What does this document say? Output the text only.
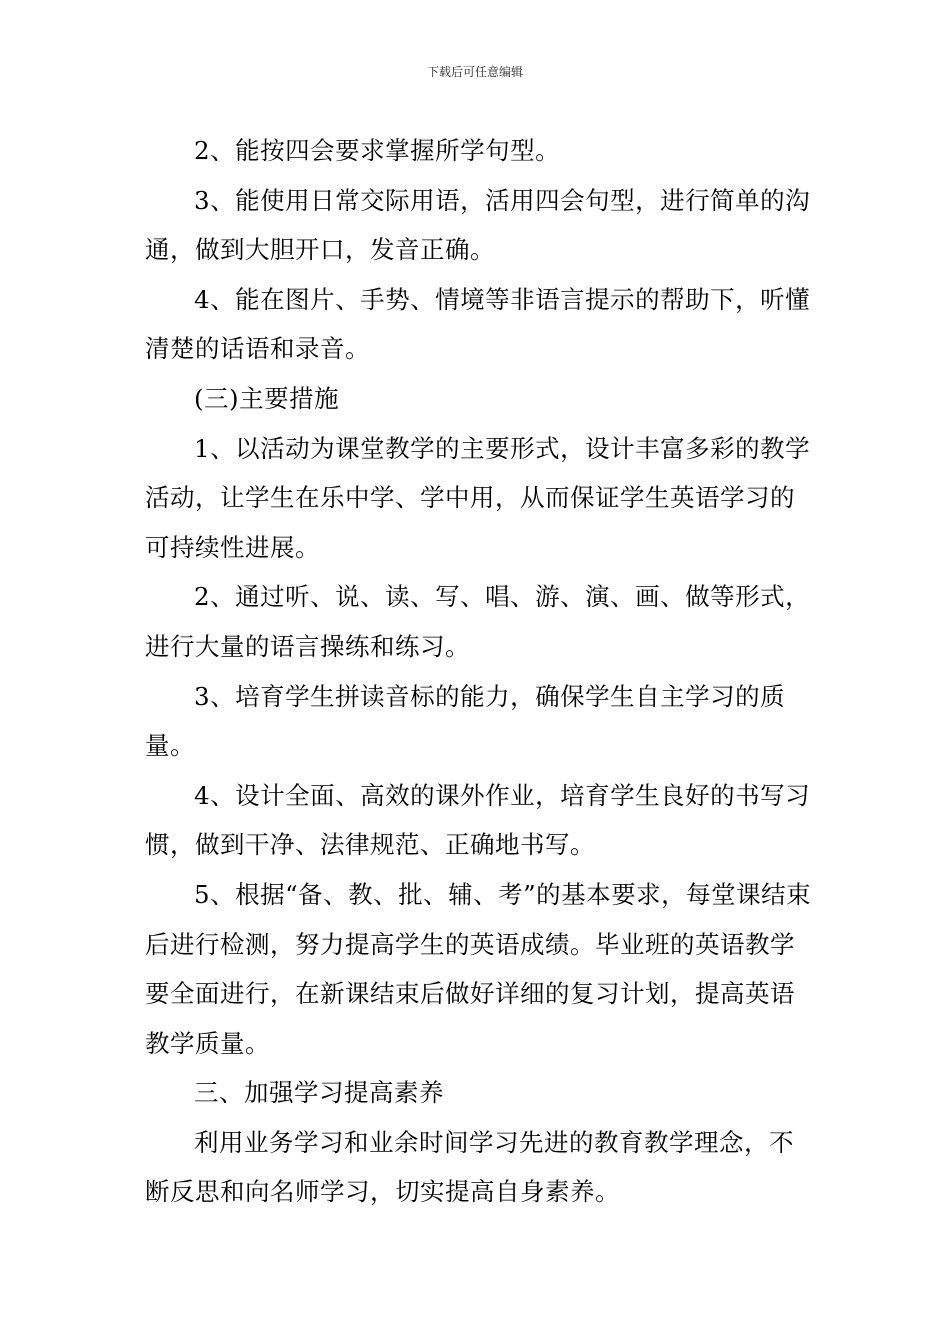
下载后可任意编辑

2、能按四会要求掌握所学句型。

3、能使用日常交际用语，活用四会句型，进行简单的沟通，做到大胆开口，发音正确。

4、能在图片、手势、情境等非语言提示的帮助下，听懂清楚的话语和录音。

(三)主要措施

1、以活动为课堂教学的主要形式，设计丰富多彩的教学活动，让学生在乐中学、学中用，从而保证学生英语学习的可持续性进展。

2、通过听、说、读、写、唱、游、演、画、做等形式，进行大量的语言操练和练习。

3、培育学生拼读音标的能力，确保学生自主学习的质量。

4、设计全面、高效的课外作业，培育学生良好的书写习惯，做到干净、法律规范、正确地书写。

5、根据“备、教、批、辅、考”的基本要求，每堂课结束后进行检测，努力提高学生的英语成绩。毕业班的英语教学要全面进行，在新课结束后做好详细的复习计划，提高英语教学质量。

三、加强学习提高素养

利用业务学习和业余时间学习先进的教育教学理念，不断反思和向名师学习，切实提高自身素养。
